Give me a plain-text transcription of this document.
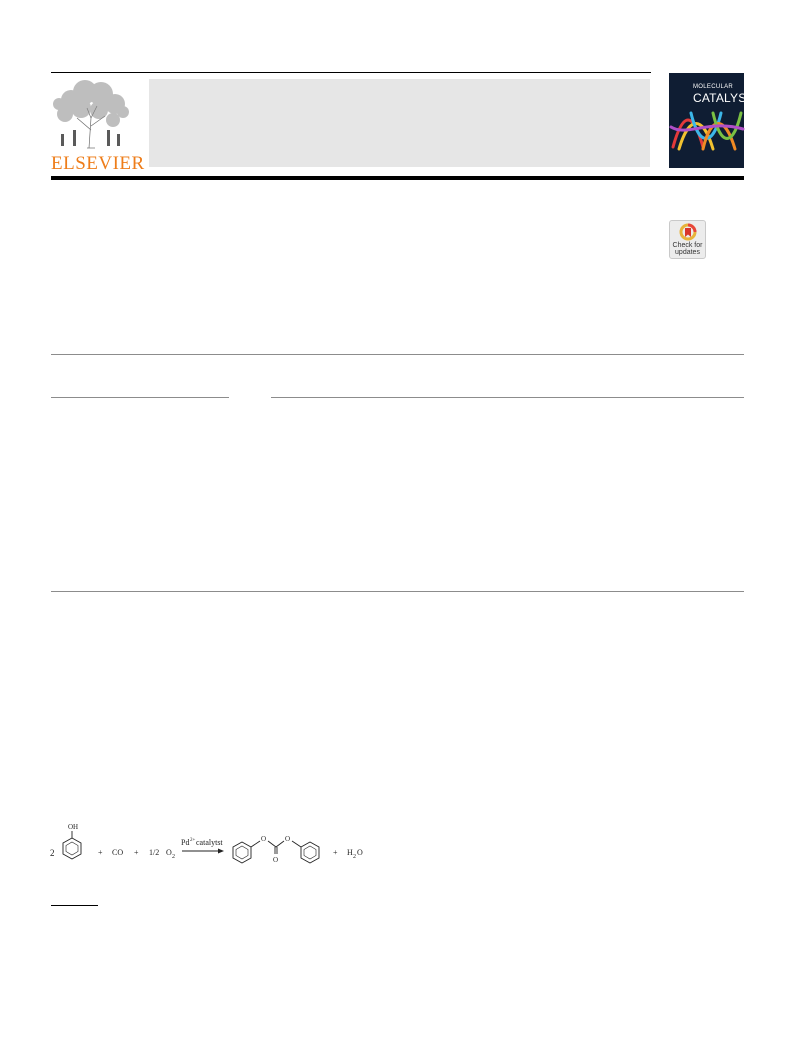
ELSEVIER
MOLECULAR
CATALYSIS
Check for
updates
2
OH
+ CO + 1/2 O 2
Pd 2+ catalytst	O	O
O
+ H 2 O
